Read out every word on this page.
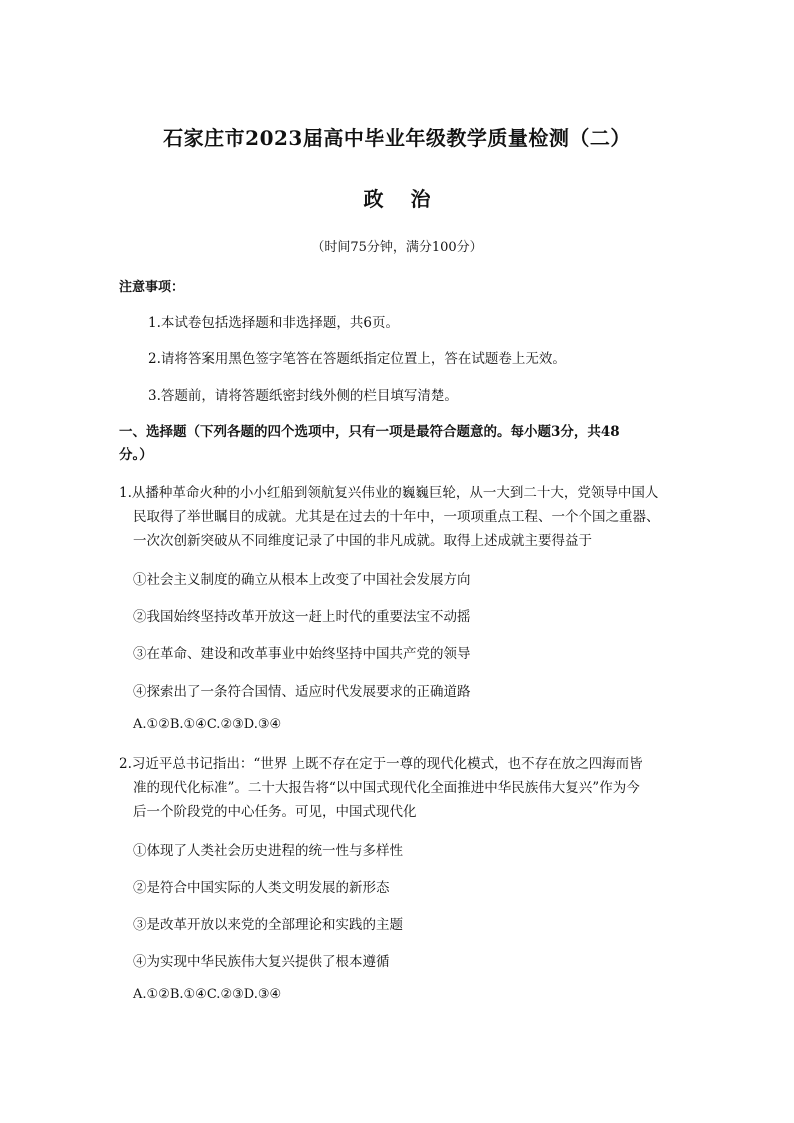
石家庄市2023届高中毕业年级教学质量检测（二）
政 治
（时间75分钟，满分100分）
注意事项：
1.本试卷包括选择题和非选择题，共6页。
2.请将答案用黑色签字笔答在答题纸指定位置上，答在试题卷上无效。
3.答题前，请将答题纸密封线外侧的栏目填写清楚。
一、选择题（下列各题的四个选项中，只有一项是最符合题意的。每小题3分，共48
分。）
1.从播种革命火种的小小红船到领航复兴伟业的巍巍巨轮，从一大到二十大，党领导中国人
民取得了举世瞩目的成就。尤其是在过去的十年中，一项项重点工程、一个个国之重器、
一次次创新突破从不同维度记录了中国的非凡成就。取得上述成就主要得益于
①社会主义制度的确立从根本上改变了中国社会发展方向
②我国始终坚持改革开放这一赶上时代的重要法宝不动摇
③在革命、建设和改革事业中始终坚持中国共产党的领导
④探索出了一条符合国情、适应时代发展要求的正确道路
A.①②B.①④C.②③D.③④
2.习近平总书记指出：“世界 上既不存在定于一尊的现代化模式，也不存在放之四海而皆
准的现代化标准”。二十大报告将“以中国式现代化全面推进中华民族伟大复兴”作为今
后一个阶段党的中心任务。可见，中国式现代化
①体现了人类社会历史进程的统一性与多样性
②是符合中国实际的人类文明发展的新形态
③是改革开放以来党的全部理论和实践的主题
④为实现中华民族伟大复兴提供了根本遵循
A.①②B.①④C.②③D.③④
